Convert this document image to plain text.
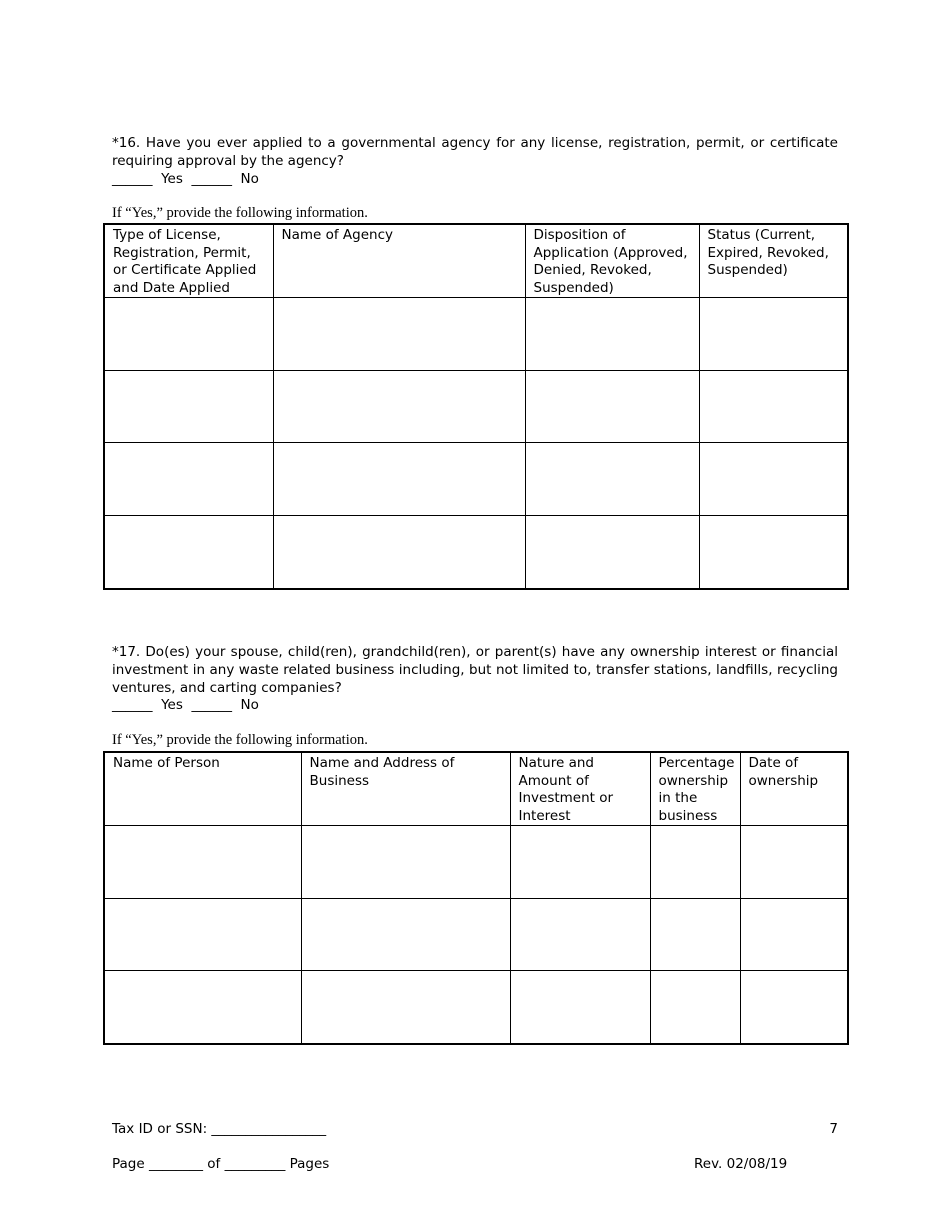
*16. Have you ever applied to a governmental agency for any license, registration, permit, or certificate requiring approval by the agency?
______  Yes  ______  No
If “Yes,” provide the following information.
Type of License, Registration, Permit, or Certificate Applied and Date Applied	Name of Agency	Disposition of Application (Approved, Denied, Revoked, Suspended)	Status (Current, Expired, Revoked, Suspended)

*17. Do(es) your spouse, child(ren), grandchild(ren), or parent(s) have any ownership interest or financial investment in any waste related business including, but not limited to, transfer stations, landfills, recycling ventures, and carting companies?
______  Yes  ______  No
If “Yes,” provide the following information.
Name of Person	Name and Address of Business	Nature and Amount of Investment or Interest	Percentage ownership in the business	Date of ownership

Tax ID or SSN: _________________	7
Page ________ of _________ Pages	Rev. 02/08/19
